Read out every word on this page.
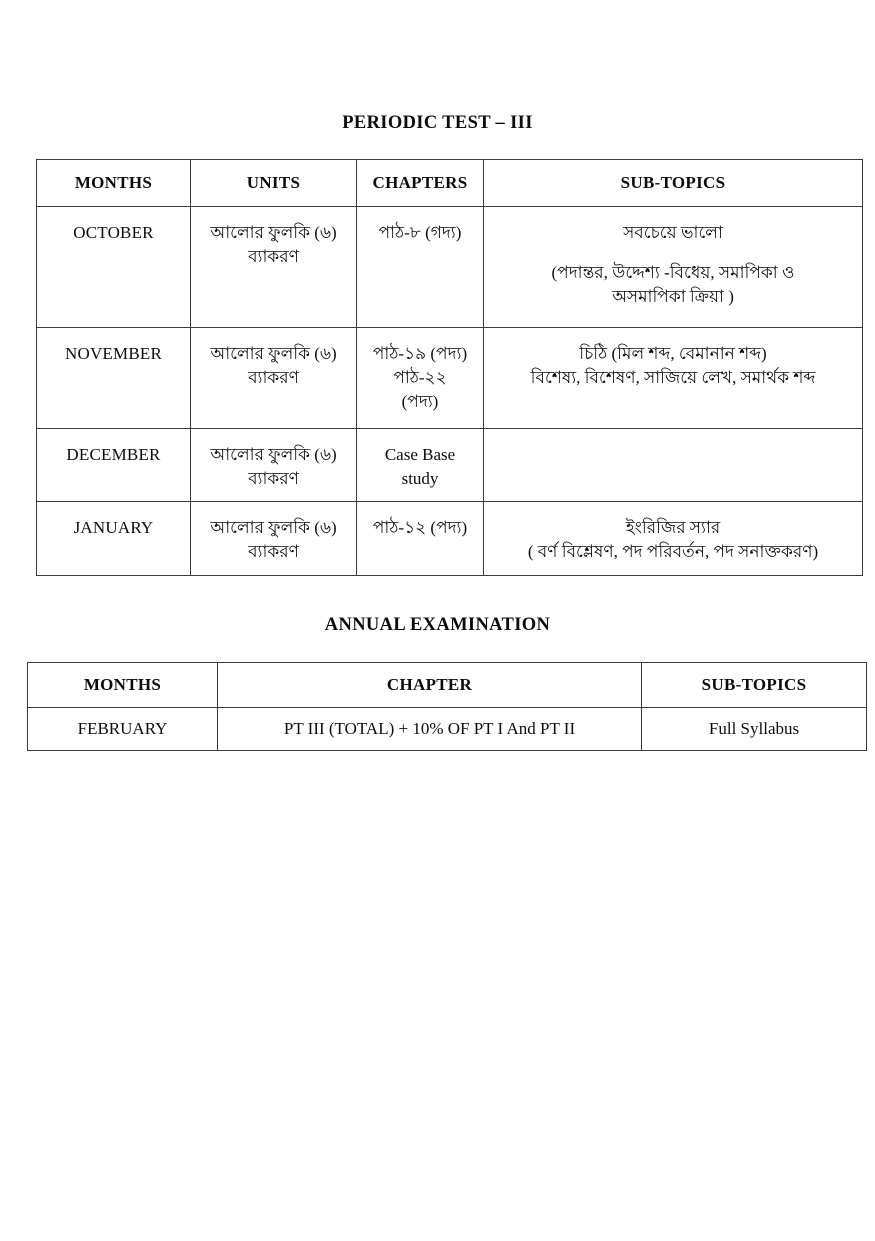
PERIODIC TEST – III
MONTHS	UNITS	CHAPTERS	SUB-TOPICS
OCTOBER	আলোর ফুলকি (৬)
ব্যাকরণ	পাঠ-৮ (গদ্য)	সবচেয়ে ভালো
(পদান্তর, উদ্দেশ্য -বিধেয়, সমাপিকা ও
অসমাপিকা ক্রিয়া )

NOVEMBER	আলোর ফুলকি (৬)
ব্যাকরণ	পাঠ-১৯ (পদ্য)
পাঠ-২২
(পদ্য)	চিঠি (মিল শব্দ, বেমানান শব্দ)
বিশেষ্য, বিশেষণ, সাজিয়ে লেখ, সমার্থক শব্দ

DECEMBER	আলোর ফুলকি (৬)
ব্যাকরণ	Case Base
study	

JANUARY	আলোর ফুলকি (৬)
ব্যাকরণ	পাঠ-১২ (পদ্য)	ইংরিজির স্যার
( বর্ণ বিশ্লেষণ, পদ পরিবর্তন, পদ সনাক্তকরণ)
ANNUAL EXAMINATION
MONTHS	CHAPTER	SUB-TOPICS
FEBRUARY	PT III (TOTAL) + 10% OF PT I And PT II	Full Syllabus
